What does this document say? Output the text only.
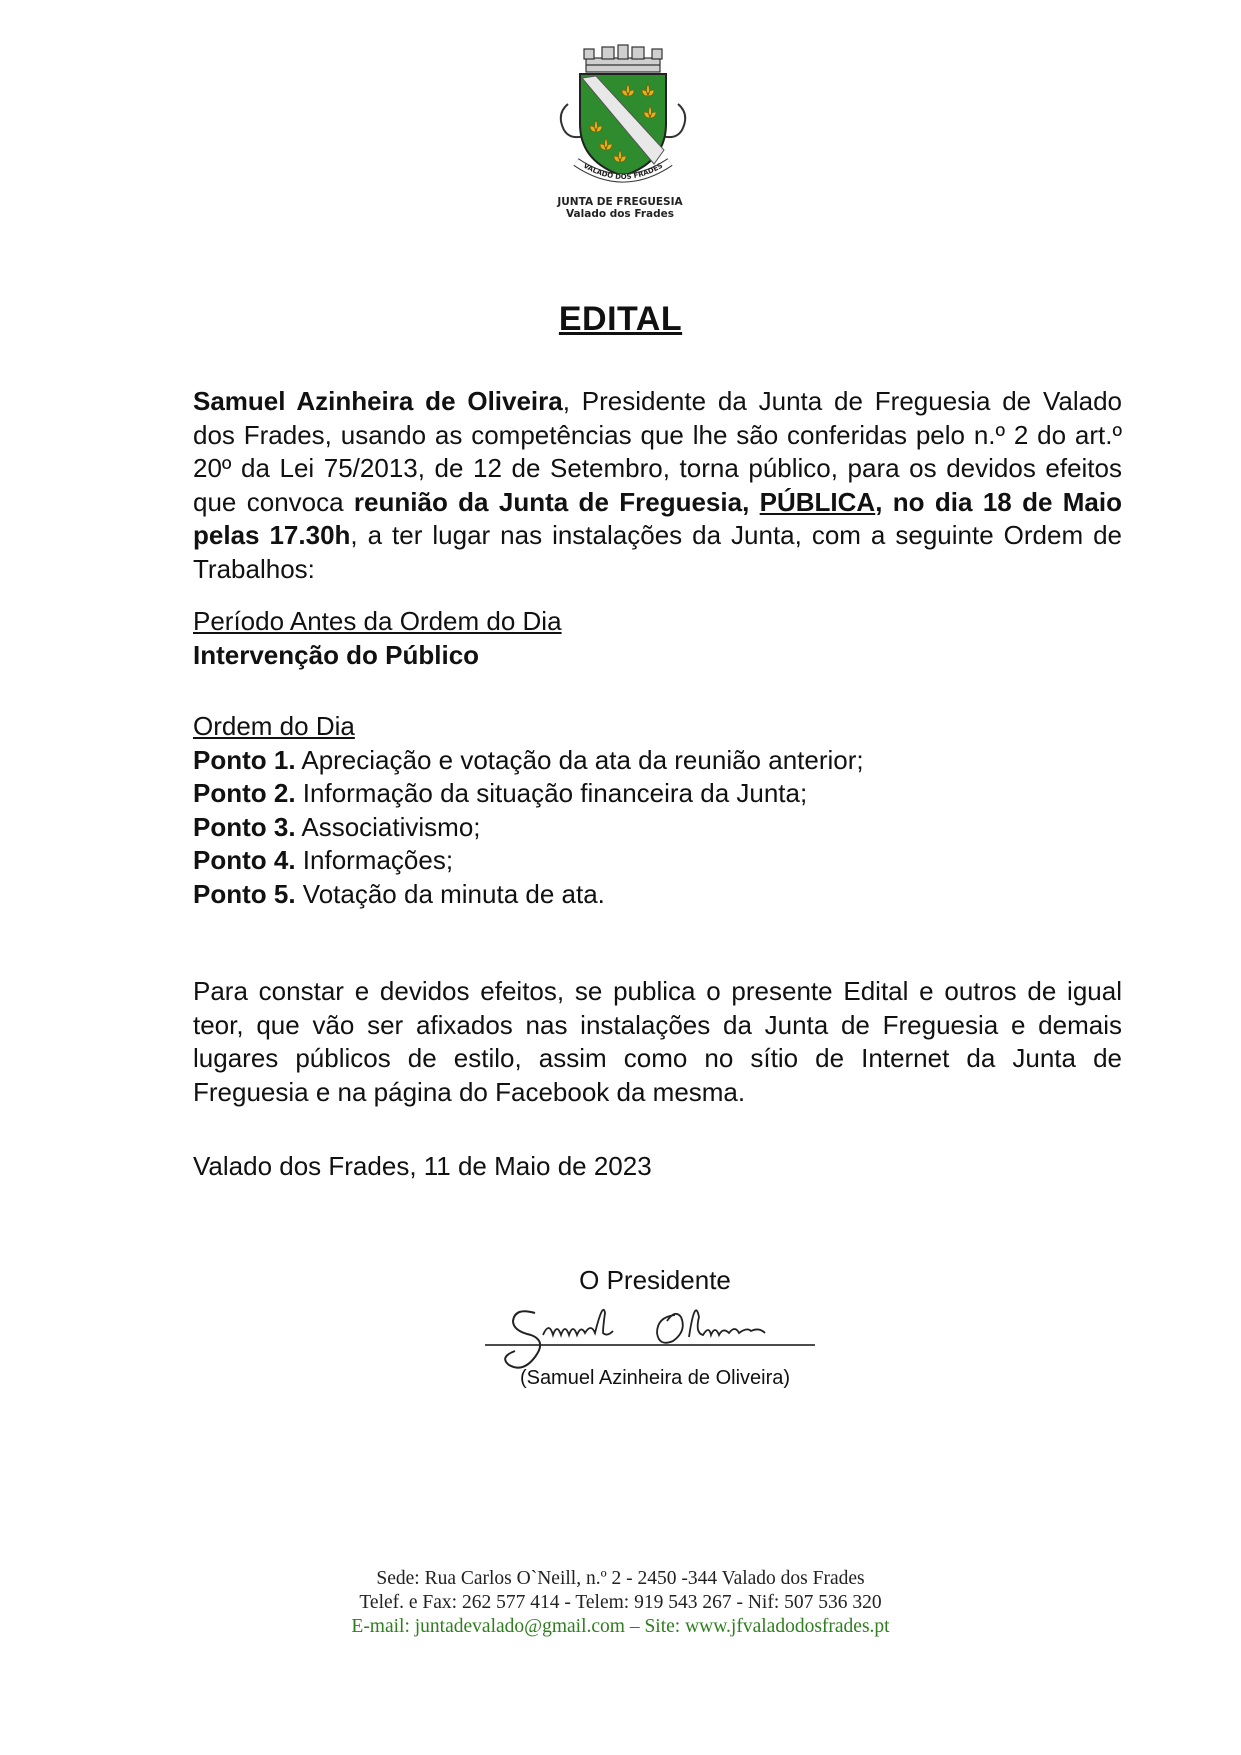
VALADO DOS FRADES
JUNTA DE FREGUESIA
Valado dos Frades
EDITAL
Samuel Azinheira de Oliveira, Presidente da Junta de Freguesia de Valado dos Frades, usando as competências que lhe são conferidas pelo n.º 2 do art.º 20º da Lei 75/2013, de 12 de Setembro, torna público, para os devidos efeitos que convoca reunião da Junta de Freguesia, PÚBLICA, no dia 18 de Maio pelas 17.30h, a ter lugar nas instalações da Junta, com a seguinte Ordem de Trabalhos:
Período Antes da Ordem do Dia
Intervenção do Público
Ordem do Dia
Ponto 1. Apreciação e votação da ata da reunião anterior;
Ponto 2. Informação da situação financeira da Junta;
Ponto 3. Associativismo;
Ponto 4. Informações;
Ponto 5. Votação da minuta de ata.
Para constar e devidos efeitos, se publica o presente Edital e outros de igual teor, que vão ser afixados nas instalações da Junta de Freguesia e demais lugares públicos de estilo, assim como no sítio de Internet da Junta de Freguesia e na página do Facebook da mesma.
Valado dos Frades, 11 de Maio de 2023
O Presidente
(Samuel Azinheira de Oliveira)
Sede: Rua Carlos O`Neill, n.º 2 - 2450 -344 Valado dos Frades
Telef. e Fax: 262 577 414 - Telem: 919 543 267 - Nif: 507 536 320
E-mail: juntadevalado@gmail.com – Site: www.jfvaladodosfrades.pt
